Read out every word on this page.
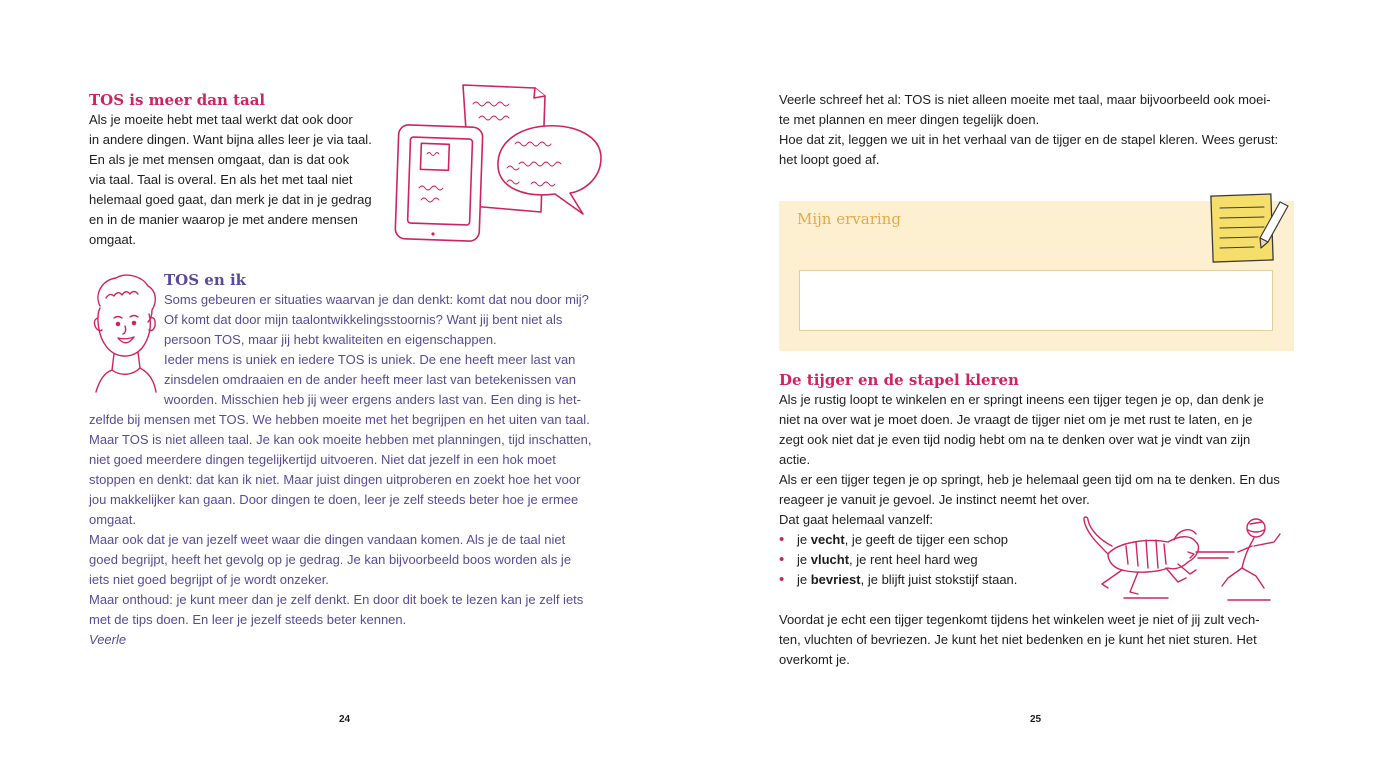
TOS is meer dan taal

Als je moeite hebt met taal werkt dat ook door

in andere dingen. Want bijna alles leer je via taal.

En als je met mensen omgaat, dan is dat ook

via taal. Taal is overal. En als het met taal niet

helemaal goed gaat, dan merk je dat in je gedrag

en in de manier waarop je met andere mensen

omgaat.

TOS en ik

Soms gebeuren er situaties waarvan je dan denkt: komt dat nou door mij?

Of komt dat door mijn taalontwikkelingsstoornis? Want jij bent niet als

persoon TOS, maar jij hebt kwaliteiten en eigenschappen.

Ieder mens is uniek en iedere TOS is uniek. De ene heeft meer last van

zinsdelen omdraaien en de ander heeft meer last van betekenissen van

woorden. Misschien heb jij weer ergens anders last van. Een ding is het-

zelfde bij mensen met TOS. We hebben moeite met het begrijpen en het uiten van taal.

Maar TOS is niet alleen taal. Je kan ook moeite hebben met planningen, tijd inschatten,

niet goed meerdere dingen tegelijkertijd uitvoeren. Niet dat jezelf in een hok moet

stoppen en denkt: dat kan ik niet. Maar juist dingen uitproberen en zoekt hoe het voor

jou makkelijker kan gaan. Door dingen te doen, leer je zelf steeds beter hoe je ermee

omgaat.

Maar ook dat je van jezelf weet waar die dingen vandaan komen. Als je de taal niet

goed begrijpt, heeft het gevolg op je gedrag. Je kan bijvoorbeeld boos worden als je

iets niet goed begrijpt of je wordt onzeker.

Maar onthoud: je kunt meer dan je zelf denkt. En door dit boek te lezen kan je zelf iets

met de tips doen. En leer je jezelf steeds beter kennen.

Veerle

24

Veerle schreef het al: TOS is niet alleen moeite met taal, maar bijvoorbeeld ook moei-

te met plannen en meer dingen tegelijk doen.

Hoe dat zit, leggen we uit in het verhaal van de tijger en de stapel kleren. Wees gerust:

het loopt goed af.

Mijn ervaring
De tijger en de stapel kleren

Als je rustig loopt te winkelen en er springt ineens een tijger tegen je op, dan denk je

niet na over wat je moet doen. Je vraagt de tijger niet om je met rust te laten, en je

zegt ook niet dat je even tijd nodig hebt om na te denken over wat je vindt van zijn

actie.

Als er een tijger tegen je op springt, heb je helemaal geen tijd om na te denken. En dus

reageer je vanuit je gevoel. Je instinct neemt het over.

Dat gaat helemaal vanzelf:

• je vecht, je geeft de tijger een schop
• je vlucht, je rent heel hard weg
• je bevriest, je blijft juist stokstijf staan.

Voordat je echt een tijger tegenkomt tijdens het winkelen weet je niet of jij zult vech-

ten, vluchten of bevriezen. Je kunt het niet bedenken en je kunt het niet sturen. Het

overkomt je.

25
